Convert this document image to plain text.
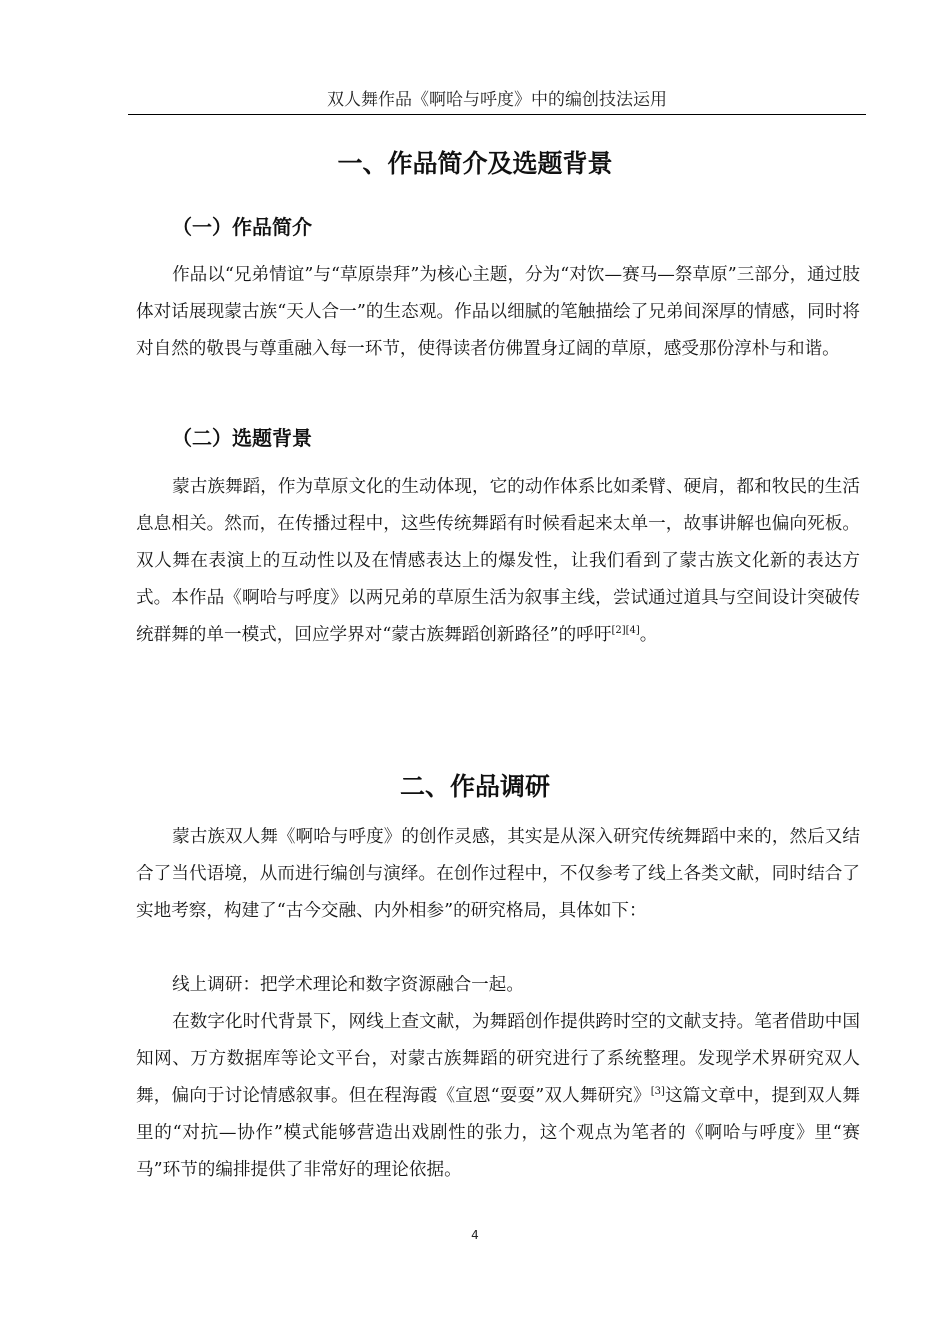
双人舞作品《啊哈与呼度》中的编创技法运用
一、作品简介及选题背景
（一）作品简介

作品以“兄弟情谊”与“草原崇拜”为核心主题，分为“对饮—赛马—祭草原”三部分，通过肢体对话展现蒙古族“天人合一”的生态观。作品以细腻的笔触描绘了兄弟间深厚的情感，同时将对自然的敬畏与尊重融入每一环节，使得读者仿佛置身辽阔的草原，感受那份淳朴与和谐。

（二）选题背景

蒙古族舞蹈，作为草原文化的生动体现，它的动作体系比如柔臂、硬肩，都和牧民的生活息息相关。然而，在传播过程中，这些传统舞蹈有时候看起来太单一，故事讲解也偏向死板。双人舞在表演上的互动性以及在情感表达上的爆发性，让我们看到了蒙古族文化新的表达方式。本作品《啊哈与呼度》以两兄弟的草原生活为叙事主线，尝试通过道具与空间设计突破传统群舞的单一模式，回应学界对“蒙古族舞蹈创新路径”的呼吁[2][4]。

二、作品调研

蒙古族双人舞《啊哈与呼度》的创作灵感，其实是从深入研究传统舞蹈中来的，然后又结合了当代语境，从而进行编创与演绎。在创作过程中，不仅参考了线上各类文献，同时结合了实地考察，构建了“古今交融、内外相参”的研究格局，具体如下：

线上调研：把学术理论和数字资源融合一起。

在数字化时代背景下，网线上查文献，为舞蹈创作提供跨时空的文献支持。笔者借助中国知网、万方数据库等论文平台，对蒙古族舞蹈的研究进行了系统整理。发现学术界研究双人舞，偏向于讨论情感叙事。但在程海霞《宣恩“耍耍”双人舞研究》[3]这篇文章中，提到双人舞里的“对抗—协作”模式能够营造出戏剧性的张力，这个观点为笔者的《啊哈与呼度》里“赛马”环节的编排提供了非常好的理论依据。

4
